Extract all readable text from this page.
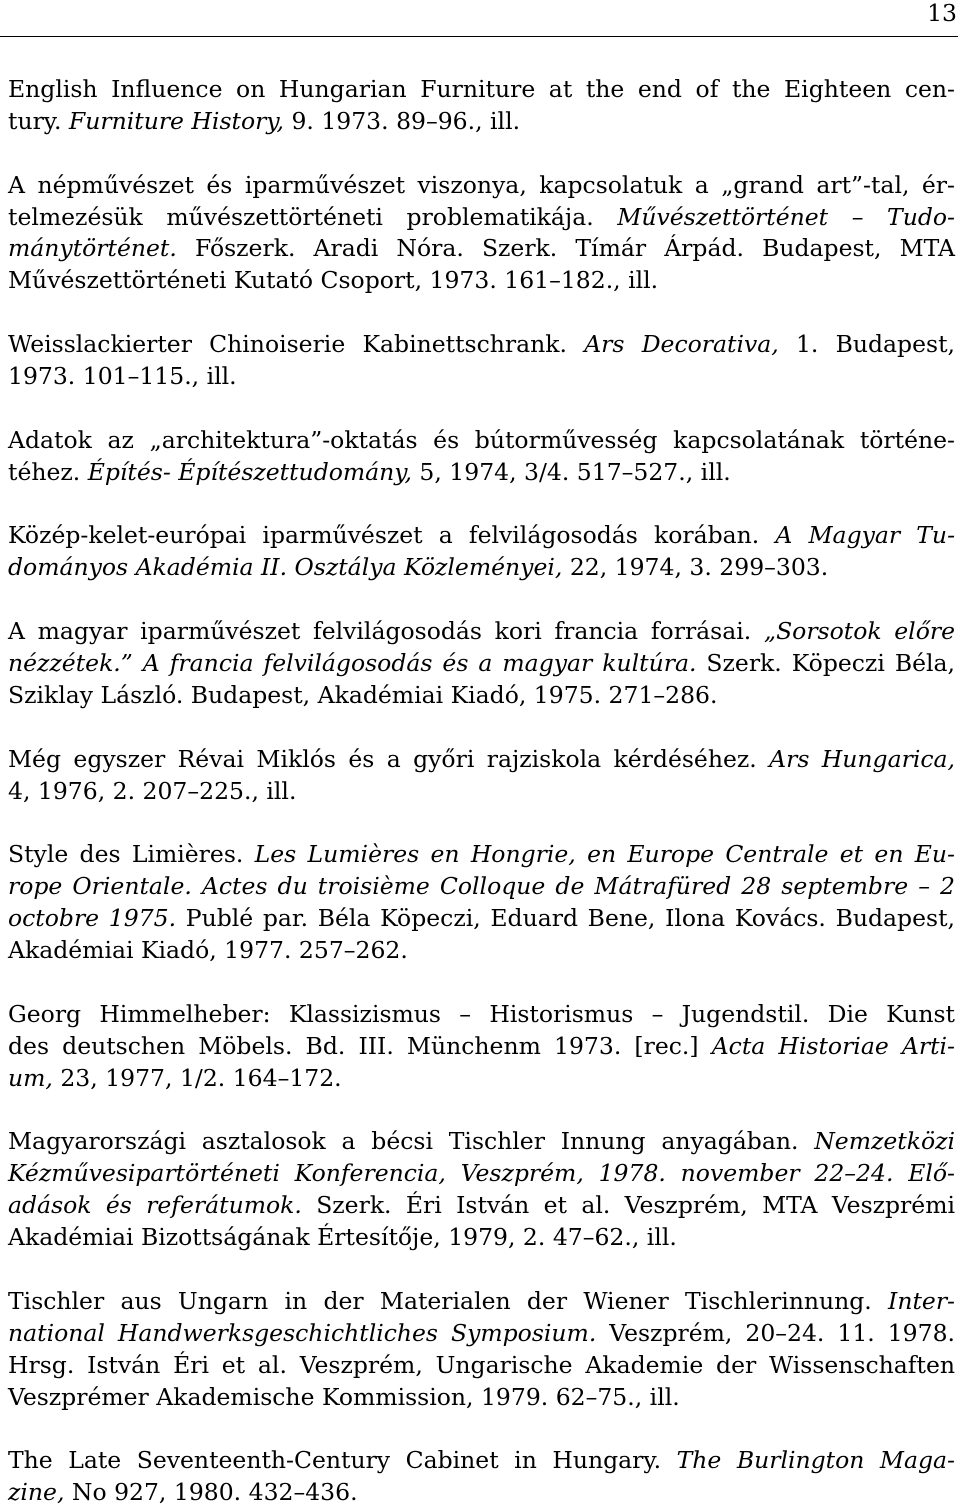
13
English Influence on Hungarian Furniture at the end of the Eighteen cen-
tury. Furniture History, 9. 1973. 89–96., ill.
A népművészet és iparművészet viszonya, kapcsolatuk a „grand art”-tal, ér-
telmezésük művészettörténeti problematikája. Művészettörténet – Tudo-
mánytörténet. Főszerk. Aradi Nóra. Szerk. Tímár Árpád. Budapest, MTA
Művészettörténeti Kutató Csoport, 1973. 161–182., ill.
Weisslackierter Chinoiserie Kabinettschrank. Ars Decorativa, 1. Budapest,
1973. 101–115., ill.
Adatok az „architektura”-oktatás és bútorművesség kapcsolatának történe-
téhez. Építés- Építészettudomány, 5, 1974, 3/4. 517–527., ill.
Közép-kelet-európai iparművészet a felvilágosodás korában. A Magyar Tu-
dományos Akadémia II. Osztálya Közleményei, 22, 1974, 3. 299–303.
A magyar iparművészet felvilágosodás kori francia forrásai. „Sorsotok előre
nézzétek.” A francia felvilágosodás és a magyar kultúra. Szerk. Köpeczi Béla,
Sziklay László. Budapest, Akadémiai Kiadó, 1975. 271–286.
Még egyszer Révai Miklós és a győri rajziskola kérdéséhez. Ars Hungarica,
4, 1976, 2. 207–225., ill.
Style des Limières. Les Lumières en Hongrie, en Europe Centrale et en Eu-
rope Orientale. Actes du troisième Colloque de Mátrafüred 28 septembre – 2
octobre 1975. Publé par. Béla Köpeczi, Eduard Bene, Ilona Kovács. Budapest,
Akadémiai Kiadó, 1977. 257–262.
Georg Himmelheber: Klassizismus – Historismus – Jugendstil. Die Kunst
des deutschen Möbels. Bd. III. Münchenm 1973. [rec.] Acta Historiae Arti-
um, 23, 1977, 1/2. 164–172.
Magyarországi asztalosok a bécsi Tischler Innung anyagában. Nemzetközi
Kézművesipartörténeti Konferencia, Veszprém, 1978. november 22–24. Elő-
adások és referátumok. Szerk. Éri István et al. Veszprém, MTA Veszprémi
Akadémiai Bizottságának Értesítője, 1979, 2. 47–62., ill.
Tischler aus Ungarn in der Materialen der Wiener Tischlerinnung. Inter-
national Handwerksgeschichtliches Symposium. Veszprém, 20–24. 11. 1978.
Hrsg. István Éri et al. Veszprém, Ungarische Akademie der Wissenschaften
Veszprémer Akademische Kommission, 1979. 62–75., ill.
The Late Seventeenth-Century Cabinet in Hungary. The Burlington Maga-
zine, No 927, 1980. 432–436.
